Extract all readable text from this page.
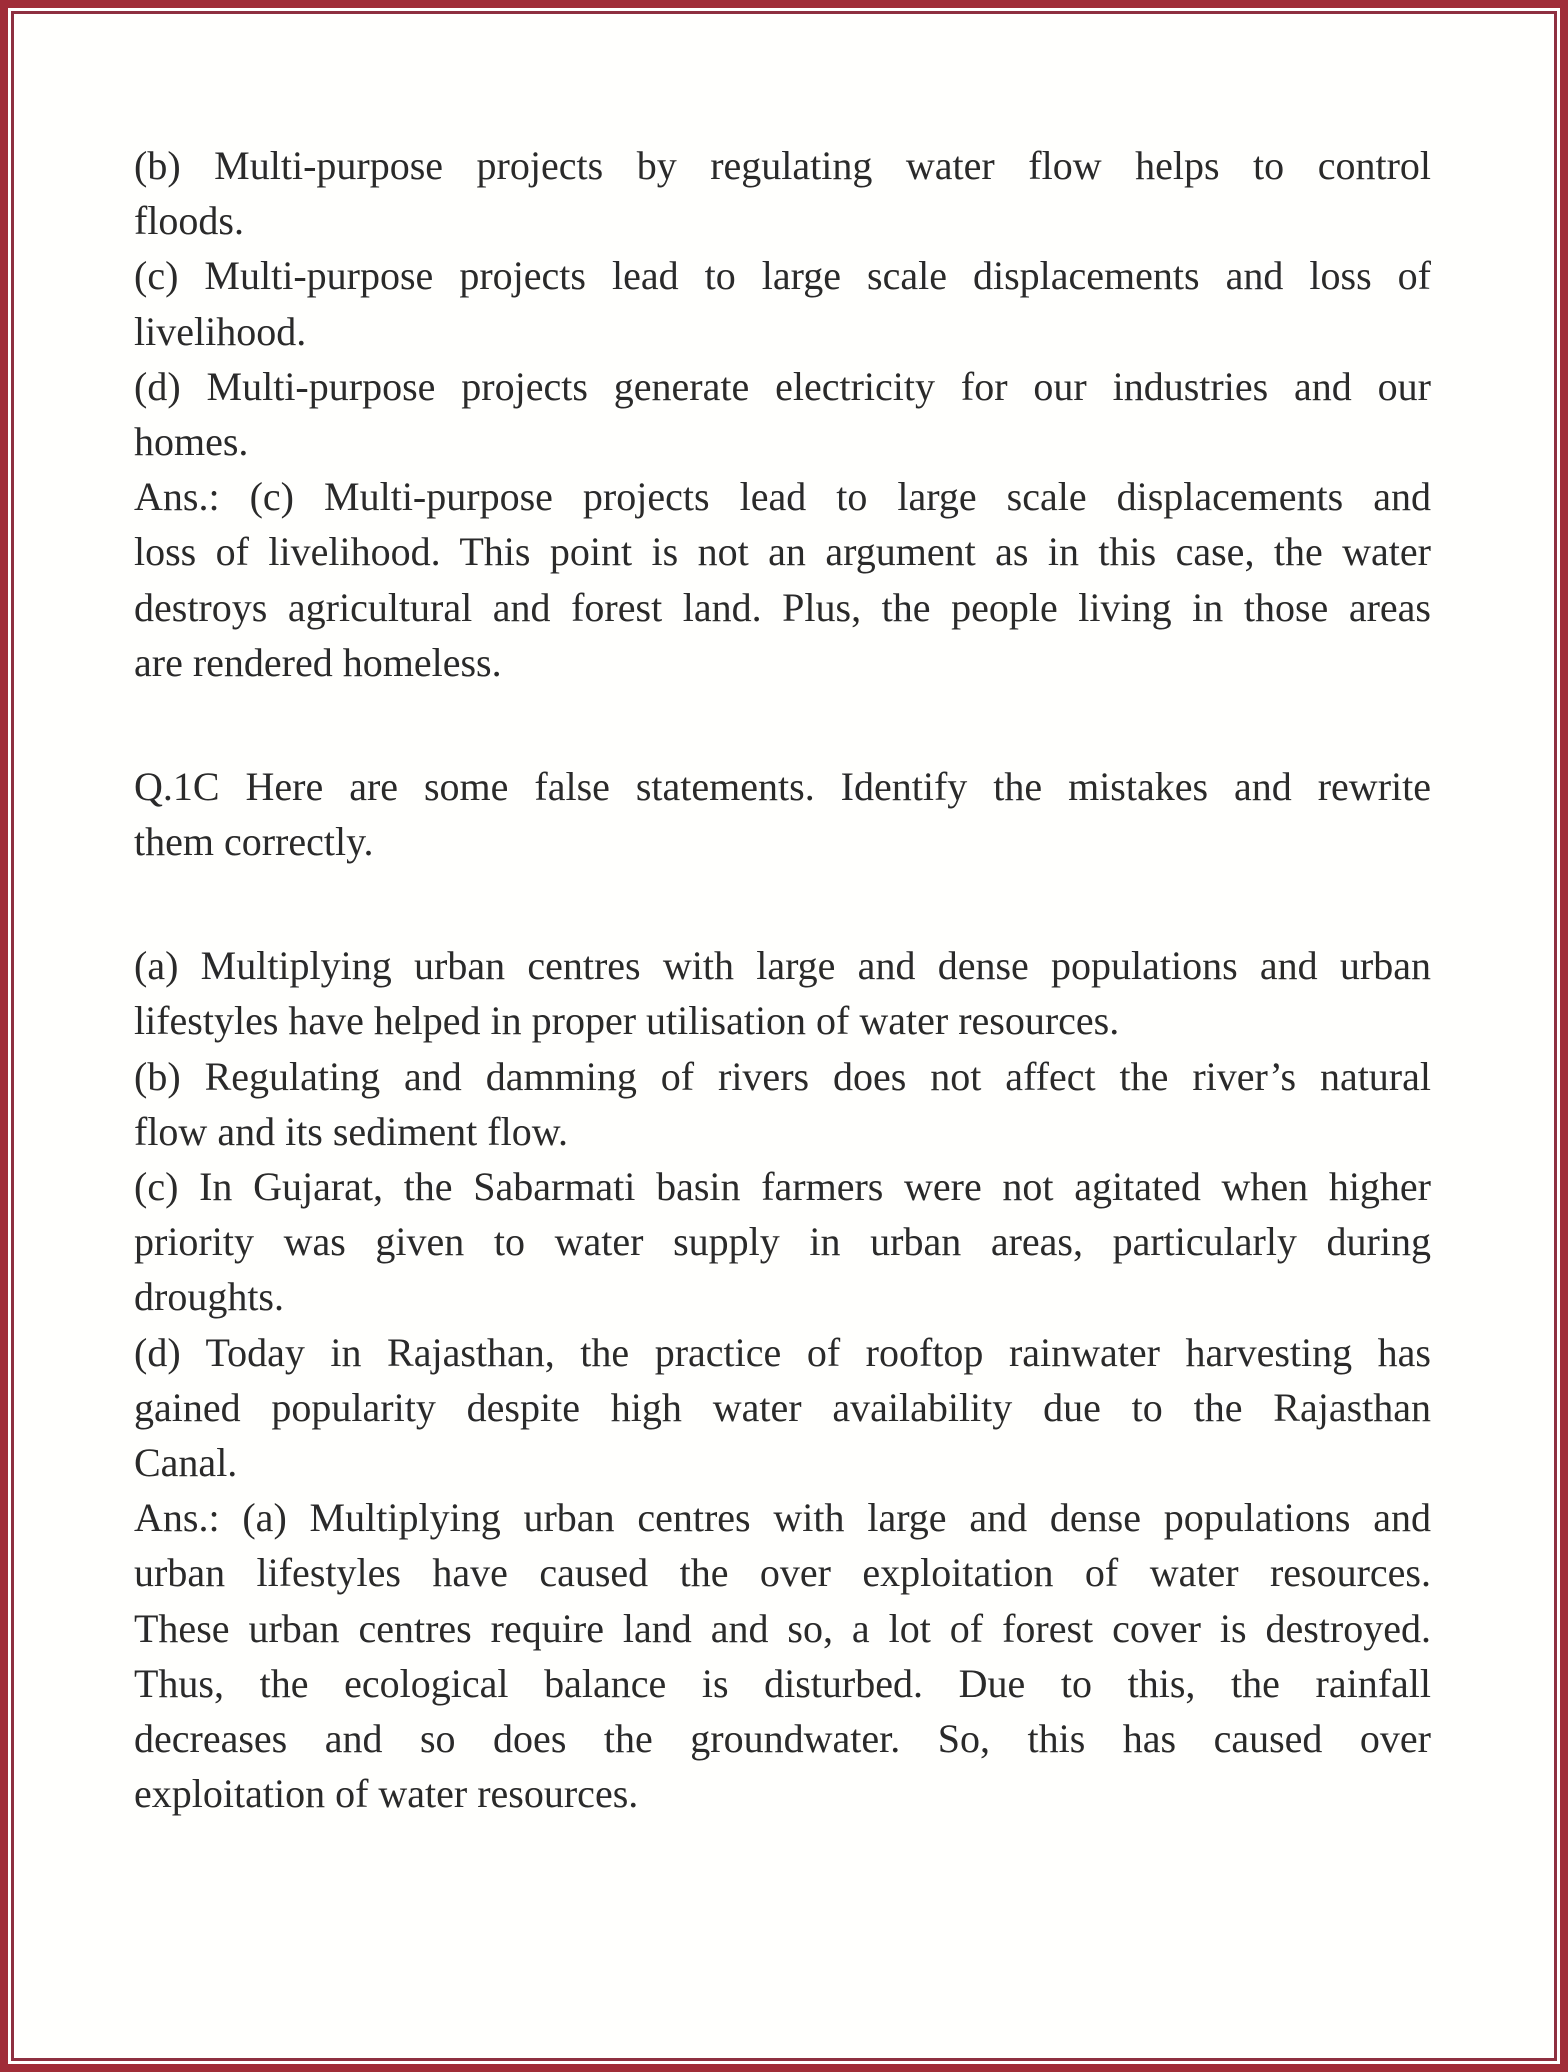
(b) Multi-purpose projects by regulating water flow helps to control
floods.
(c) Multi-purpose projects lead to large scale displacements and loss of
livelihood.
(d) Multi-purpose projects generate electricity for our industries and our
homes.
Ans.: (c) Multi-purpose projects lead to large scale displacements and
loss of livelihood. This point is not an argument as in this case, the water
destroys agricultural and forest land. Plus, the people living in those areas
are rendered homeless.
Q.1C Here are some false statements. Identify the mistakes and rewrite
them correctly.
(a) Multiplying urban centres with large and dense populations and urban
lifestyles have helped in proper utilisation of water resources.
(b) Regulating and damming of rivers does not affect the river’s natural
flow and its sediment flow.
(c) In Gujarat, the Sabarmati basin farmers were not agitated when higher
priority was given to water supply in urban areas, particularly during
droughts.
(d) Today in Rajasthan, the practice of rooftop rainwater harvesting has
gained popularity despite high water availability due to the Rajasthan
Canal.
Ans.: (a) Multiplying urban centres with large and dense populations and
urban lifestyles have caused the over exploitation of water resources.
These urban centres require land and so, a lot of forest cover is destroyed.
Thus, the ecological balance is disturbed. Due to this, the rainfall
decreases and so does the groundwater. So, this has caused over
exploitation of water resources.
